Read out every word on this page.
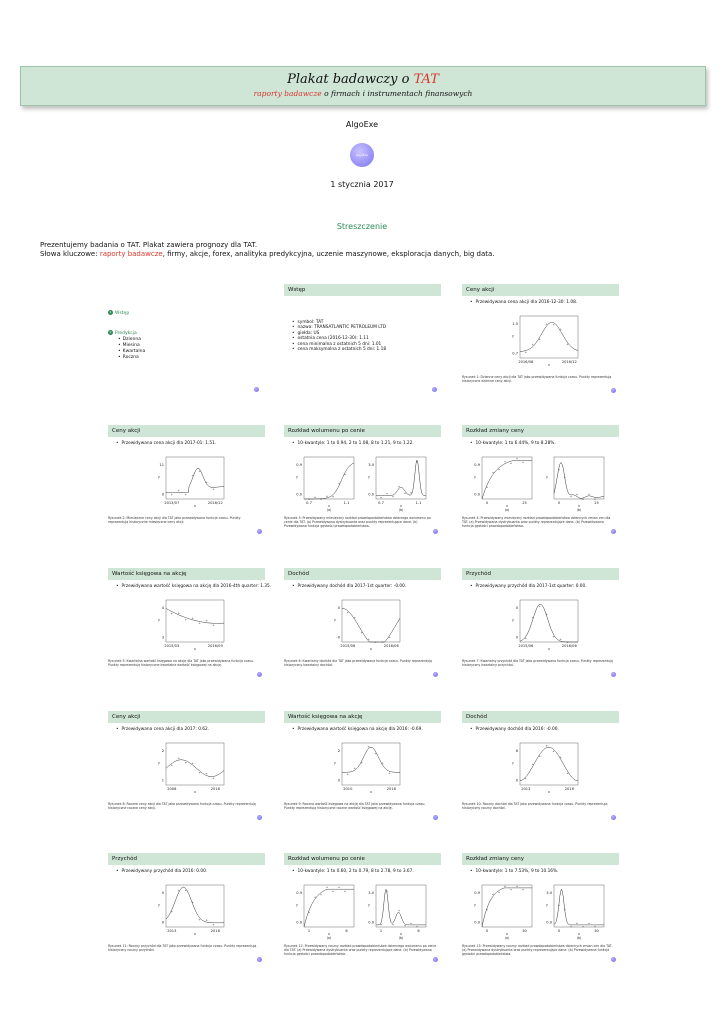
Plakat badawczy o TAT
raporty badawcze o firmach i instrumentach finansowych
AlgoExe
AlgoExe
1 stycznia 2017
Streszczenie
Prezentujemy badania o TAT. Plakat zawiera prognozy dla TAT.
Słowa kluczowe: raporty badawcze, firmy, akcje, forex, analityka predykcyjna, uczenie maszynowe, eksploracja danych, big data.
1 Wstęp
2 Predykcja
• Dzienna
• Miesina
• Kwartalna
• Roczna
Wstęp
• symbol: TAT
• nazwa: TRANSATLANTIC PETROLEUM LTD
• giełda: US
• ostatnia cena (2016-12-30): 1.11
• cena minimalna z ostatnich 5 dni: 1.01
• cena maksymalna z ostatnich 5 dni: 1.18
Ceny akcji
• Przewidywana cena akcji dla 2016-12-30: 1.08.
+
+
+
+ +
+
+
1.5
0.7
2016/08	2016/12
x
y
Rysunek 1: Dzienne ceny akcji dla TAT jako przewidywana funkcja czasu. Punkty reprezentują historyczne dzienne ceny akcji.
Ceny akcji
• Przewidywana cena akcji dla 2017-01: 1.51.
+
+
+
+
+
+
+
11
0
2013/07	2016/12
x
y
Rysunek 2: Miesięczne ceny akcji dla TAT jako przewidywana funkcja czasu. Punkty reprezentują historyczne miesięczne ceny akcji.
Rozkład wolumenu po cenie
• 10-kwantyle: 1 to 0.94, 2 to 1.08, 8 to 1.21, 9 to 1.22.
+
+
+
+ +
+
+
0.9
0.0
0.7	1.1
x
y
(a)
+
+
+
+
+ +
+
3.0
0.0
0.7	1.1
x
y
(b)
Rysunek 3: Przewidywany miesięczny rozkład prawdopodobieństwa dzieniego wolumenu po cenie dla TAT. (a) Przewidywana dystrybuanta oraz punkty reprezentujące dane. (b) Przewidywana funkcja gęstości prawdopodobieństwa.
Rozkład zmiany ceny
• 10-kwantyle: 1 to 6.44%, 9 to 8.28%.
+
+
+
+ +
+
+
0.9
0.0
0	25
x
y
(a)
+
+
+
+
+
+
+
0	25
x
y
(b)
Rysunek 4: Przewidywany miesięczny rozkład prawdopodobieństwa dziennych zmian cen dla TAT. (a) Przewidywana dystrybuanta oraz punkty reprezentujące dane. (b) Przewidywana funkcja gęstości prawdopodobieństwa.
Wartość księgowa na akcję
• Przewidywana wartość księgowa na akcję dla 2016-4th quarter: 1.35.
+ +
+ +
+
+
+
4
3
2015/03	2016/09
x
y
Rysunek 5: Kwartalna wartość księgowa na akcję dla TAT jako przewidywana funkcja czasu. Punkty reprezentują historyczne kwartalne wartość księgowej na akcję.
Dochód
• Przewidywany dochód dla 2017-1st quarter: -0.00.
+
+
+
+
+ +
+
0
-0
2015/06	2016/06
x
y
Rysunek 6: Kwartalny dochód dla TAT jako przewidywana funkcja czasu. Punkty reprezentują historyczny kwartalny dochód.
Przychód
• Przewidywany przychód dla 2017-1st quarter: 0.00.
+
+
+
+
+
+
+
0
0
2015/06	2016/06
x
y
Rysunek 7: Kwartalny przychód dla TAT jako przewidywana funkcja czasu. Punkty reprezentują historyczny kwartalny przychód.
Ceny akcji
• Przewidywana cena akcji dla 2017: 0.62.
+
+
+ +
+ +
+
2
1
2008	2016
x
y
Rysunek 8: Roczne ceny akcji dla TAT jako przewidywana funkcja czasu. Punkty reprezentują historyczne roczne ceny akcji.
Wartość księgowa na akcję
• Przewidywana wartość księgowa na akcję dla 2016: -0.69.
+
+
+
+
+
+
+
2
0
2010	2016
x
y
Rysunek 9: Roczna wartość księgowa na akcję dla TAT jako przewidywana funkcja czasu. Punkty reprezentują historyczne roczne wartość księgowej na akcję.
Dochód
• Przewidywany dochód dla 2016: -0.00.
+
+
+
+
+
+
+
6
0
2013	2016
x
y
Rysunek 10: Roczny dochód dla TAT jako przewidywana funkcja czasu. Punkty reprezentują historyczny roczny dochód.
Przychód
• Przewidywany przychód dla 2016: 0.00.
+
+ +
+
+ +
+
0
0
2013	2016
x
y
Rysunek 11: Roczny przychód dla TAT jako przewidywana funkcja czasu. Punkty reprezentują historyczny roczny przychód.
Rozkład wolumenu po cenie
• 10-kwantyle: 1 to 0.60, 2 to 0.79, 8 to 2.78, 9 to 3.67.
+
+
+
+
+
+
+
0.9
0.0
1	6
x
y
(a)
+
+
+
+
+
+
+
3.0
0.0
1	6
x
y
(b)
Rysunek 12: Przewidywany roczny rozkład prawdopodobieństwa dziennego wolumenu po cenie dla TAT. (a) Przewidywana dystrybuanta oraz punkty reprezentujące dane. (b) Przewidywana funkcja gęstości prawdopodobieństwa.
Rozkład zmiany ceny
• 10-kwantyle: 1 to 7.53%, 9 to 10.16%.
+
+ +
+
+
+
+
0.9
0.0
0	30
x
y
(a)
+
+
+
+
+
+
+
3.0
0.0
0	30
x
y
(b)
Rysunek 13: Przewidywany roczny rozkład prawdopodobieństwa dziennych zmian cen dla TAT. (a) Przewidywana dystrybuanta oraz punkty reprezentujące dane. (b) Przewidywana funkcja gęstości prawdopodobieństwa.
